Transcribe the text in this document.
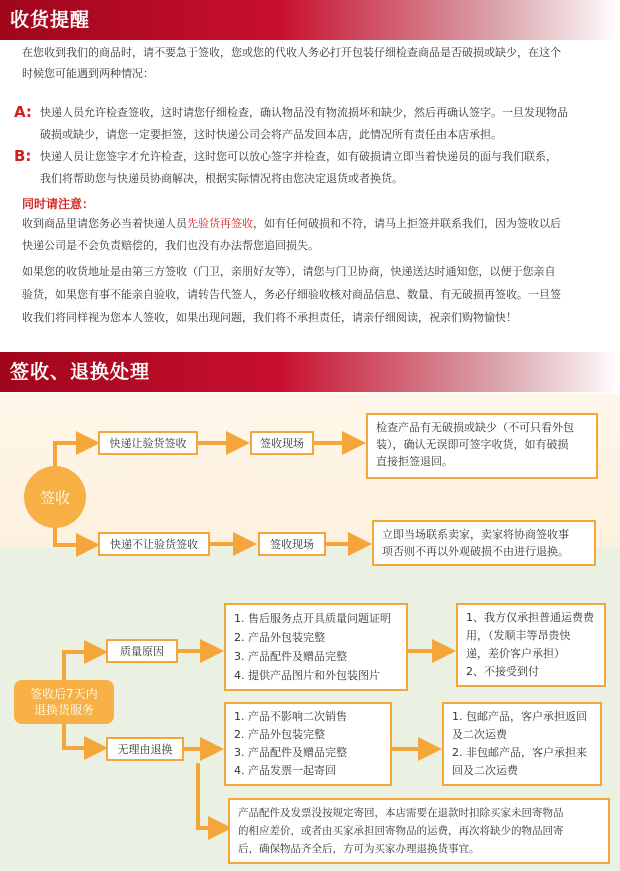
收货提醒
在您收到我们的商品时，请不要急于签收，您或您的代收人务必打开包装仔细检查商品是否破损或缺少，在这个
时候您可能遇到两种情况：
A: 快递人员允许检查签收，这时请您仔细检查，确认物品没有物流损坏和缺少，然后再确认签字。一旦发现物品
破损或缺少，请您一定要拒签，这时快递公司会将产品发回本店，此情况所有责任由本店承担。
B: 快递人员让您签字才允许检查，这时您可以放心签字并检查，如有破损请立即当着快递员的面与我们联系，
我们将帮助您与快递员协商解决，根据实际情况将由您决定退货或者换货。
同时请注意：
收到商品里请您务必当着快递人员先验货再签收，如有任何破损和不符，请马上拒签并联系我们，因为签收以后
快递公司是不会负责赔偿的，我们也没有办法帮您追回损失。
如果您的收货地址是由第三方签收（门卫，亲朋好友等），请您与门卫协商，快递送达时通知您，以便于您亲自
验货，如果您有事不能亲自验收，请转告代签人，务必仔细验收核对商品信息、数量、有无破损再签收。一旦签
收我们将同样视为您本人签收，如果出现问题，我们将不承担责任，请亲仔细阅读，祝亲们购物愉快！
签收、退换处理
签收
快递让验货签收	签收现场
检查产品有无破损或缺少（不可只看外包
装），确认无误即可签字收货，如有破损
直接拒签退回。
快递不让验货签收	签收现场
立即当场联系卖家，卖家将协商签收事
项否则不再以外观破损不由进行退换。
签收后7天内
退换货服务
质量原因
1. 售后服务点开具质量问题证明
2. 产品外包装完整
3. 产品配件及赠品完整
4. 提供产品图片和外包装图片
1、我方仅承担普通运费费
用，（发顺丰等昂贵快
递，差价客户承担）
2、不接受到付
无理由退换
1. 产品不影响二次销售
2. 产品外包装完整
3. 产品配件及赠品完整
4. 产品发票一起寄回
1. 包邮产品，客户承担返回
及二次运费
2. 非包邮产品，客户承担来
回及二次运费
产品配件及发票没按规定寄回，本店需要在退款时扣除买家未回寄物品
的相应差价，或者由买家承担回寄物品的运费，再次将缺少的物品回寄
后，确保物品齐全后，方可为买家办理退换货事宜。
